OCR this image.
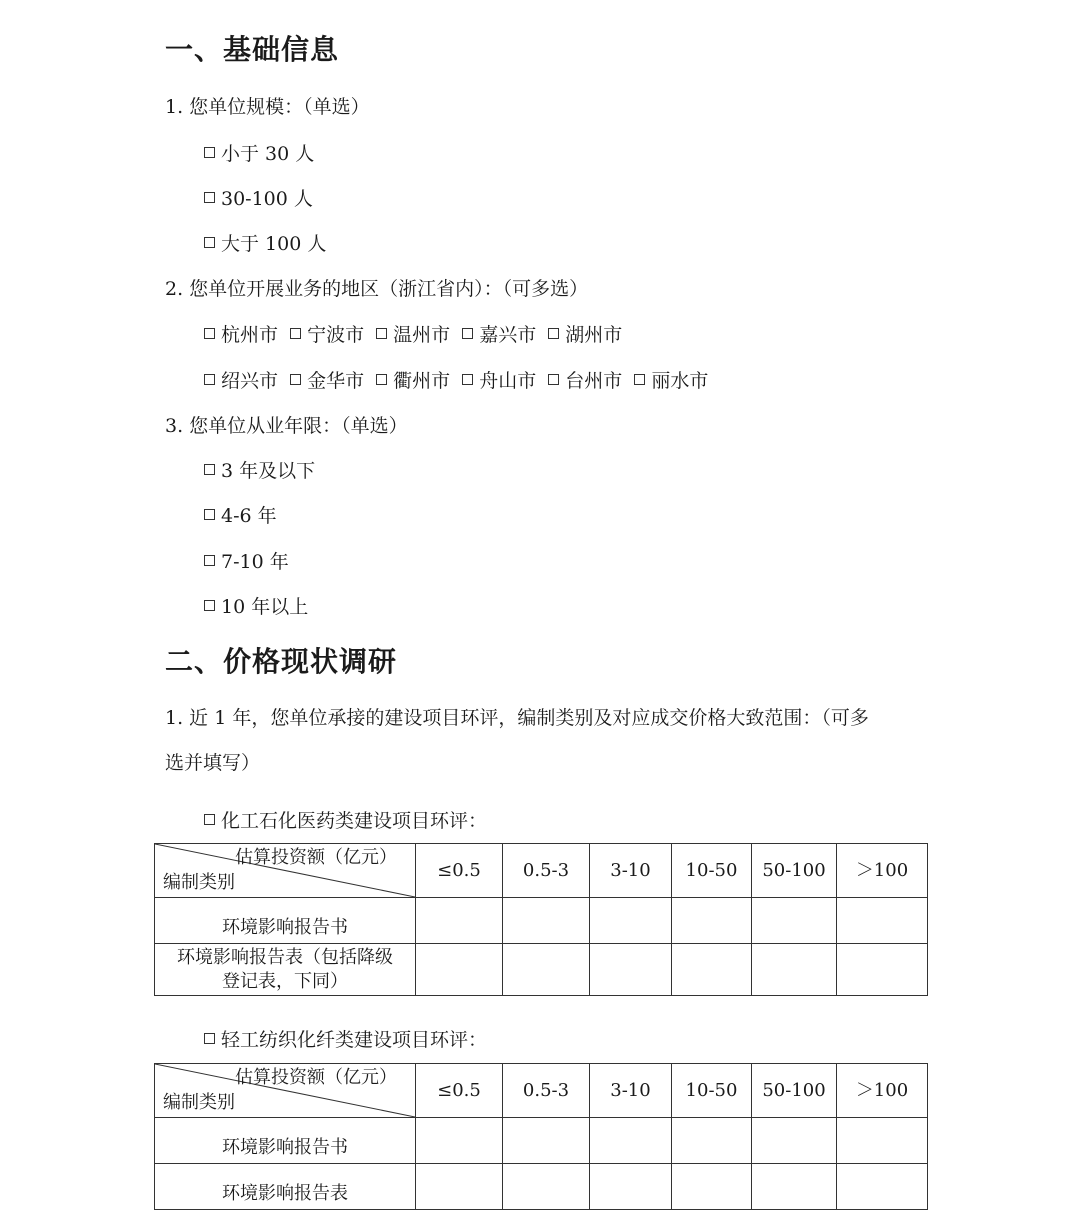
一、基础信息
1. 您单位规模：（单选）
小于 30 人
30-100 人
大于 100 人
2. 您单位开展业务的地区（浙江省内）：（可多选）
杭州市 宁波市 温州市 嘉兴市 湖州市
绍兴市 金华市 衢州市 舟山市 台州市 丽水市
3. 您单位从业年限：（单选）
3 年及以下
4-6 年
7-10 年
10 年以上
二、价格现状调研
1. 近 1 年，您单位承接的建设项目环评，编制类别及对应成交价格大致范围：（可多
选并填写）
化工石化医药类建设项目环评：
估算投资额（亿元）
编制类别	≤0.5	0.5-3	3-10	10-50	50-100	＞100
环境影响报告书						

环境影响报告表（包括降级
登记表，下同）						

轻工纺织化纤类建设项目环评：
估算投资额（亿元）
编制类别	≤0.5	0.5-3	3-10	10-50	50-100	＞100
环境影响报告书						
环境影响报告表						
